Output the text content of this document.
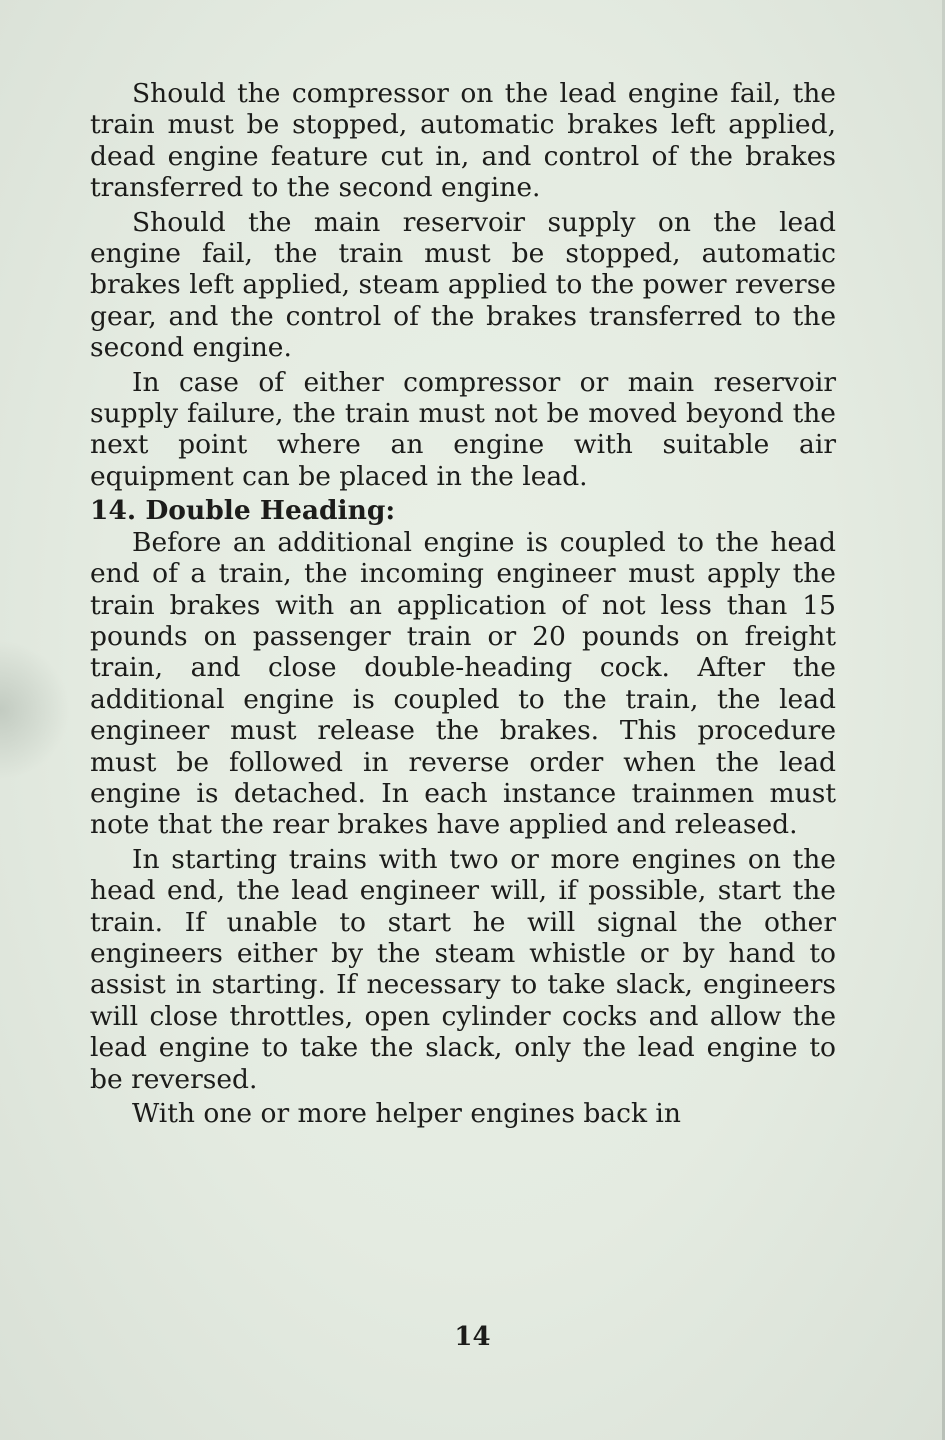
Should the compressor on the lead engine fail, the train must be stopped, automatic brakes left applied, dead engine feature cut in, and control of the brakes transferred to the second engine.

Should the main reservoir supply on the lead engine fail, the train must be stopped, automatic brakes left applied, steam applied to the power reverse gear, and the control of the brakes transferred to the second engine.

In case of either compressor or main reservoir supply failure, the train must not be moved beyond the next point where an engine with suitable air equipment can be placed in the lead.

14. Double Heading:

Before an additional engine is coupled to the head end of a train, the incoming engineer must apply the train brakes with an application of not less than 15 pounds on passenger train or 20 pounds on freight train, and close double-heading cock. After the additional engine is coupled to the train, the lead engineer must release the brakes. This procedure must be followed in reverse order when the lead engine is detached. In each instance trainmen must note that the rear brakes have applied and released.

In starting trains with two or more engines on the head end, the lead engineer will, if possible, start the train. If unable to start he will signal the other engineers either by the steam whistle or by hand to assist in starting. If necessary to take slack, engineers will close throttles, open cylinder cocks and allow the lead engine to take the slack, only the lead engine to be reversed.

With one or more helper engines back in

14
